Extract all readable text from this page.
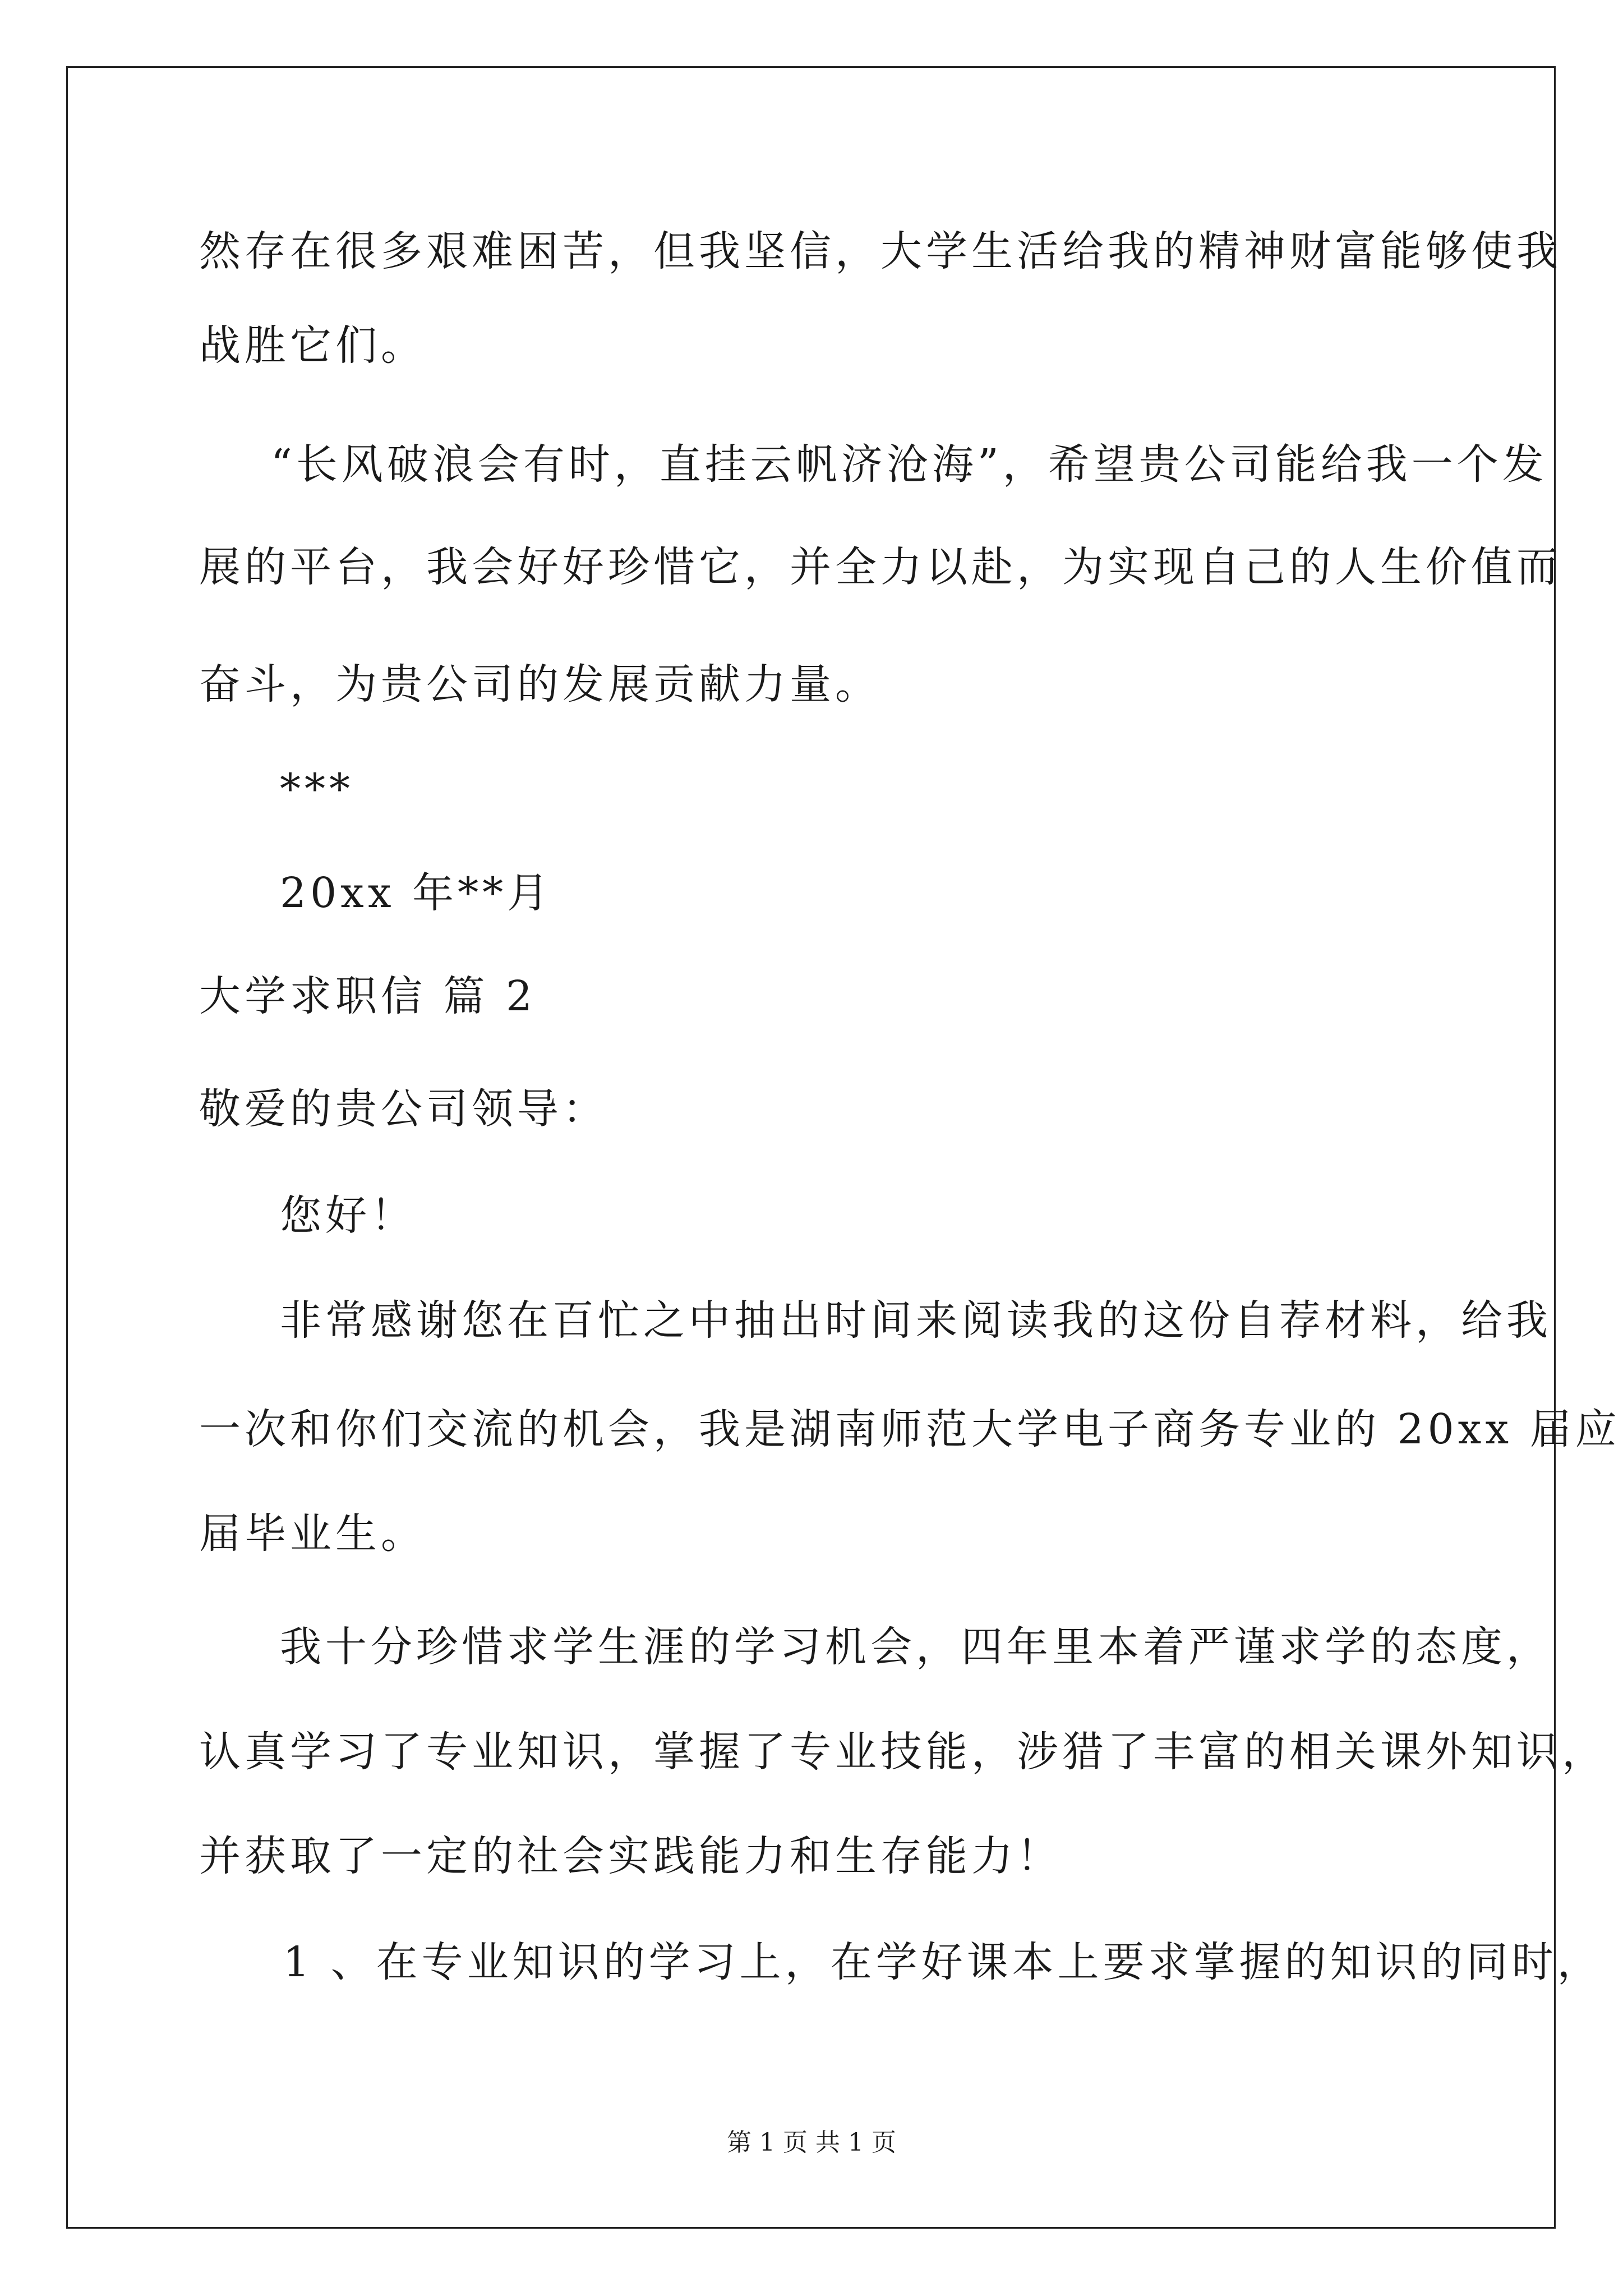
然存在很多艰难困苦，但我坚信，大学生活给我的精神财富能够使我
战胜它们。
“长风破浪会有时，直挂云帆济沧海”，希望贵公司能给我一个发
展的平台，我会好好珍惜它，并全力以赴，为实现自己的人生价值而
奋斗，为贵公司的发展贡献力量。
***
20xx 年**月
大学求职信 篇 2
敬爱的贵公司领导：
您好！
非常感谢您在百忙之中抽出时间来阅读我的这份自荐材料，给我
一次和你们交流的机会，我是湖南师范大学电子商务专业的 20xx 届应
届毕业生。
我十分珍惜求学生涯的学习机会，四年里本着严谨求学的态度，
认真学习了专业知识，掌握了专业技能，涉猎了丰富的相关课外知识，
并获取了一定的社会实践能力和生存能力！
1 、在专业知识的学习上，在学好课本上要求掌握的知识的同时，
第 1 页 共 1 页
